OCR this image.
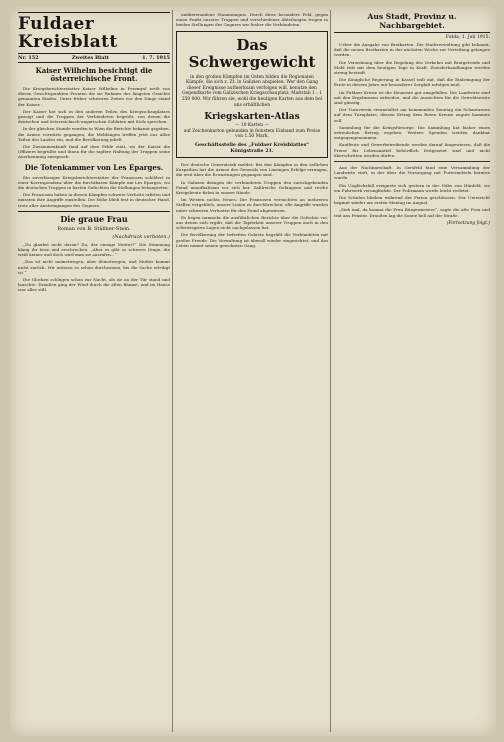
Fuldaer Kreisblatt
Nr. 152	Zweites Blatt	1. 7. 1915
Kaiser Wilhelm besichtigt die österreichische Front.

Die Kriegsberichterstatter Kaiser Wilhelms in Przemysl weilt von diesen Gesichtspunkten Fronten die sie Ruhmes des längsten Gesichts genannten Eindes. Unter früher schweren Zeiten vor den Dinge stand der Kaiser...

Der Kaiser hat sich in den anderen Teilen des Kriegsschauplatzes gezeigt und die Truppen der Verbündeten begrüßt, von denen die deutschen und österreichisch-ungarischen Soldaten mit Stolz sprechen.

In der gleichen Stunde wurden in Wien die Berichte bekannt gegeben, die Armee vorwärts gegangen; die Meldungen treffen jetzt aus allen Teilen des Landes ein, und die Bevölkerung jubelt.

Die Zusammenkunft fand auf dem Felde statt, wo der Kaiser die Offiziere begrüßte und ihnen für die tapfere Haltung der Truppen seine Anerkennung aussprach.

Die Totenkammer von Les Eparges.

Ein zuverlässiger Kriegsberichterstatter der Franzosen schildert in einer Korrespondenz über die furchtbaren Kämpfe um Les Eparges, wo die deutschen Truppen in harten Gefechten die Stellungen behaupteten.

Die Franzosen haben in diesen Kämpfen schwere Verluste erlitten und mussten ihre Angriffe einstellen. Die Höhe blieb fest in deutscher Hand, trotz aller Anstrengungen des Gegners.

Die graue Frau
Roman von B. Ställner-Stein.
(Nachdruck verboten.)

„Du glaubst nicht daran? Du, der einzige Mutter?“ Die Stimmung klang ihr leise und erschrocken. „Aber es gibt so schwere Dinge, die weiß keiner und doch wird man sie ausrufen...“

„Das ist nicht meinetwegen, aber deinetwegen, und Mutter kommt nicht zurück. Wir müssen es schon durchsetzen, bis die Sache erledigt ist.“

Die Glocken schlugen schon zur Nacht, als sie an der Tür stand und lauschte. Draußen ging der Wind durch die alten Bäume, und im Hause war alles still.

unüberwundene Stammungnis. Durch diese besonders Feld, gegen einen Punkt unserer Truppen und verschiedener Abteilungen trugen in beiden Stellungen des Gegners wie bisher die Verbündeten.

Das Schwergewicht
in den großen Kämpfen im Osten bilden die Regionalen Kämpfe, die sich z. Zt. in Galizien abspielen. Wer den Gang dieser Ereignisse aufmerksam verfolgen will, benutze den Gegendkarte vom Galizischen Kriegsschauplatz, Maßstab 1 : 1 250 000. Wir führen sie, wohl die heutigen Karten aus dem bei uns erhältlichen
Kriegskarten-Atlas
— 10 Karten —
auf Zeichenkarton gebunden in feinstem Einband zum Preise von 1.50 Mark.
Geschäftsstelle des „Fuldaer Kreisblattes“ Königstraße 21.

Der deutsche Generalstab meldet: Bei den Kämpfen in den östlichen Karpathen hat die Armee des Generals von Linsingen Erfolge errungen, die weit über die Erwartungen gegangen sind.

In Galizien drängen die verbündeten Truppen den zurückgehenden Feind unaufhaltsam vor sich her. Zahlreiche Gefangene und reiche Kriegsbeute fielen in unsere Hände.

Im Westen nichts Neues. Die Franzosen versuchten an mehreren Stellen vergeblich, unsere Linien zu durchbrechen; alle Angriffe wurden unter schweren Verlusten für den Feind abgewiesen.

Es liegen nunmehr die ausführlichen Berichte über die Gefechte vor, aus denen sich ergibt, daß die Tapferkeit unserer Truppen auch in den schwierigsten Lagen nicht nachgelassen hat.

Die Bevölkerung der befreiten Gebiete begrüßt die Verbündeten mit großer Freude. Die Verwaltung ist überall wieder eingerichtet, und das Leben nimmt seinen gewohnten Gang.

Aus Stadt, Provinz u. Nachbargebiet.
Fulda, 1. Juli 1915.

Ueber die Ausgabe von Brotkarten. Die Stadtverwaltung gibt bekannt, daß die neuen Brotkarten in der nächsten Woche zur Verteilung gelangen werden.

Die Verordnung über die Regelung des Verkehrs mit Brotgetreide und Mehl tritt mit dem heutigen Tage in Kraft. Zuwiderhandlungen werden streng bestraft.

Die Königliche Regierung in Kassel teilt mit, daß die Einbringung der Ernte in diesem Jahre mit besonderer Sorgfalt erfolgen muß.

Im Fuldaer Kreise ist die Heuernte gut ausgefallen. Die Landwirte sind mit den Ergebnissen zufrieden, und die Aussichten für die Getreideernte sind günstig.

Der Turnverein veranstaltet am kommenden Sonntag ein Schauturnen auf dem Turnplatze, dessen Ertrag dem Roten Kreuze zugute kommen soll.

Sammlung für die Kriegsfürsorge. Die Sammlung hat bisher einen erfreulichen Betrag ergeben. Weitere Spenden werden dankbar entgegengenommen.

Kaufleute und Gewerbetreibende werden darauf hingewiesen, daß die Preise für Lebensmittel behördlich festgesetzt sind und nicht überschritten werden dürfen.

Aus der Nachbarschaft. In Gersfeld fand eine Versammlung der Landwirte statt, in der über die Versorgung mit Futtermitteln beraten wurde.

Ein Unglücksfall ereignete sich gestern in der Nähe von Hünfeld, wo ein Fuhrwerk verunglückte. Der Fuhrmann wurde leicht verletzt.

Die Schulen bleiben während der Ferien geschlossen. Der Unterricht beginnt wieder am ersten Montag im August.

„Sieh mal, da kommt die Frau Bürgermeister“, sagte die alte Frau und trat ans Fenster. Draußen lag die Sonne hell auf der Straße.

(Fortsetzung folgt.)
